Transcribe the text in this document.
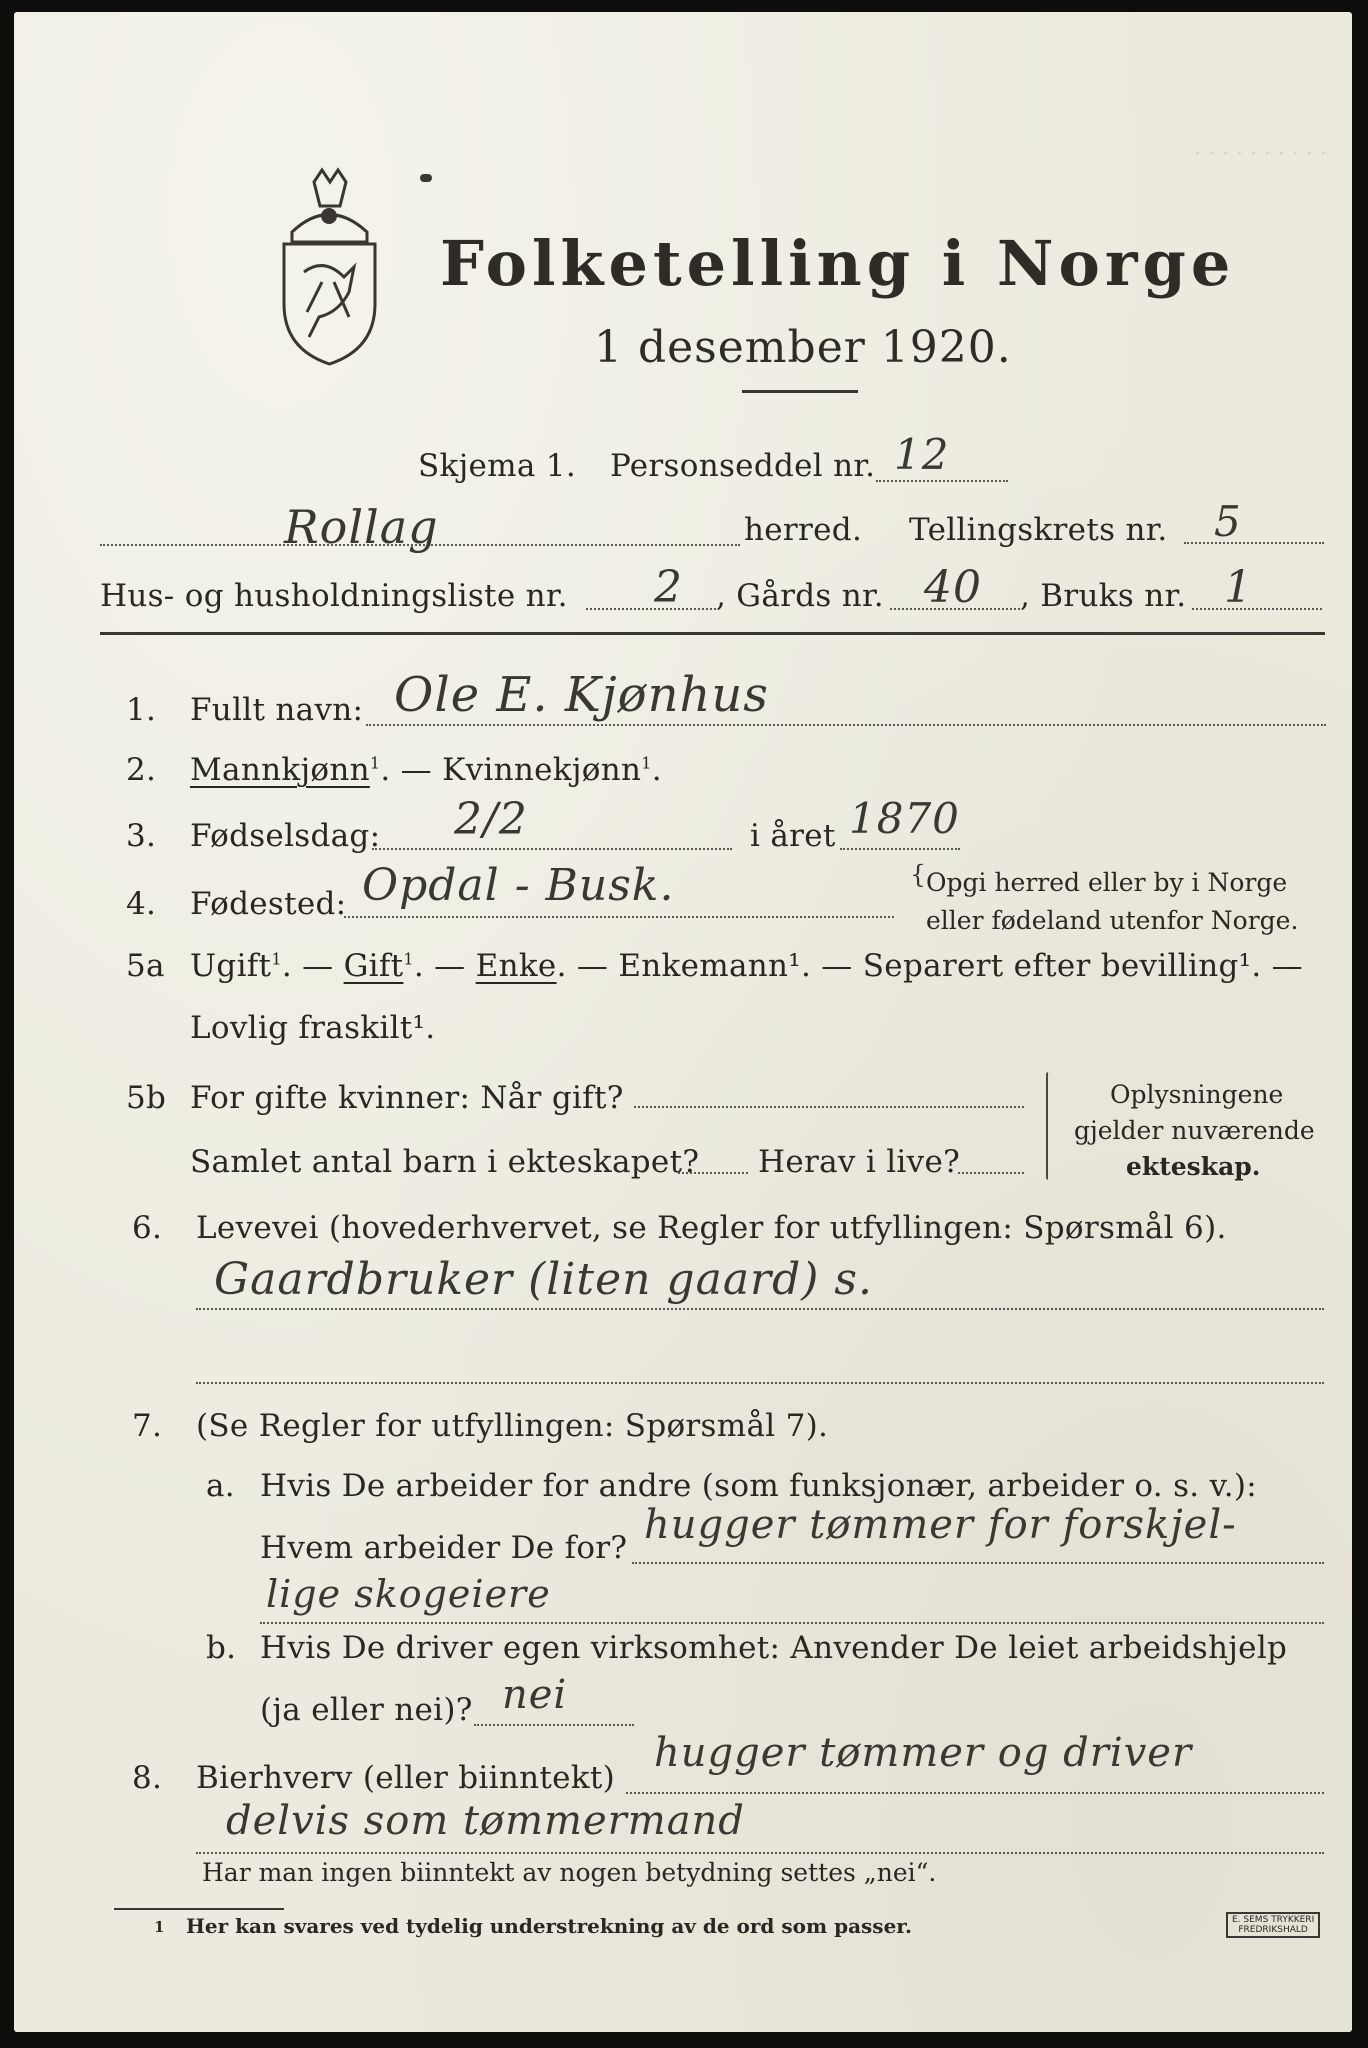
· · · · · · · · · ·
Folketelling i Norge
1 desember 1920.
Skjema 1. Personseddel nr. 12
Rollag	herred. Tellingskrets nr. 5
Hus- og husholdningsliste nr. 2 , Gårds nr. 40 , Bruks nr. 1
1. Fullt navn: Ole E. Kjønhus
2. Mannkjønn$^1$. — Kvinnekjønn$^1$.
3. Fødselsdag: 2/2	i året 1870
4. Fødested: Opdal - Busk.	{ Opgi herred eller by i Norge
eller fødeland utenfor Norge.
5a Ugift$^1$. — Gift$^1$. — Enke. — Enkemann¹. — Separert efter bevilling¹. —
Lovlig fraskilt¹.
5b For gifte kvinner: Når gift?
Samlet antal barn i ekteskapet? Herav i live?
Oplysningene
gjelder nuværende
ekteskap.
6. Levevei (hovederhvervet, se Regler for utfyllingen: Spørsmål 6).
Gaardbruker (liten gaard) s.
7. (Se Regler for utfyllingen: Spørsmål 7).
a. Hvis De arbeider for andre (som funksjonær, arbeider o. s. v.):
Hvem arbeider De for? hugger tømmer for forskjel-
lige skogeiere
b. Hvis De driver egen virksomhet: Anvender De leiet arbeidshjelp
(ja eller nei)? nei
8. Bierhverv (eller biinntekt)
hugger tømmer og driver
delvis som tømmermand
Har man ingen biinntekt av nogen betydning settes „nei“.
1 Her kan svares ved tydelig understrekning av de ord som passer.	E. SEMS TRYKKERI
FREDRIKSHALD
